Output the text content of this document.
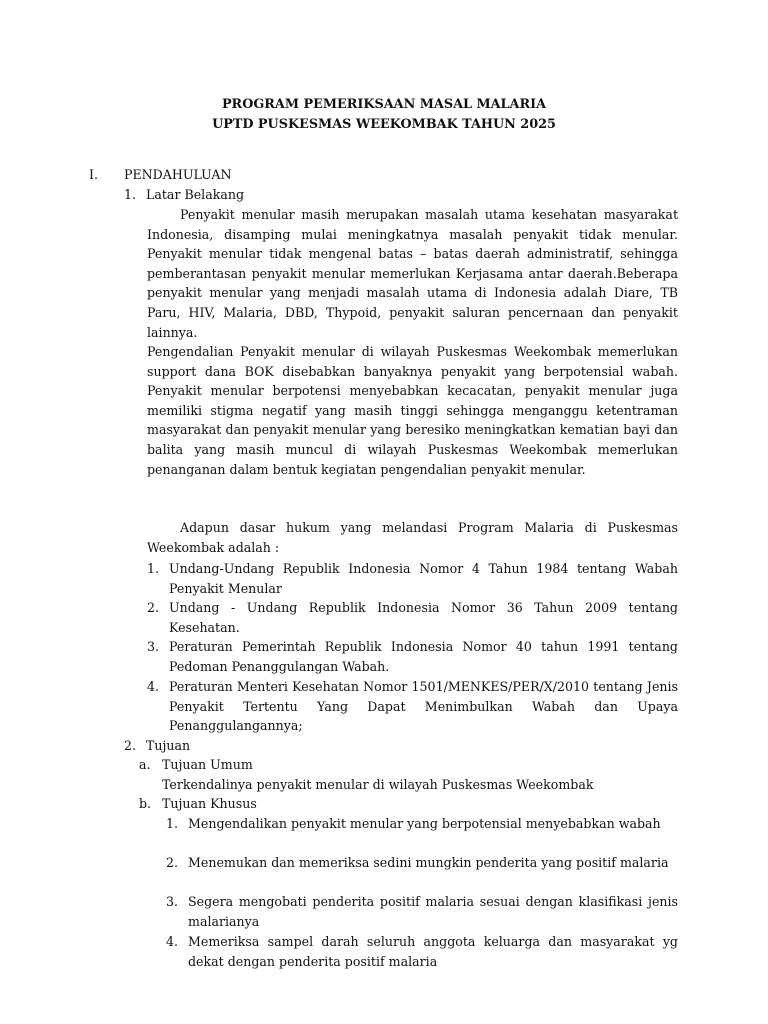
PROGRAM PEMERIKSAAN MASAL MALARIA
UPTD PUSKESMAS WEEKOMBAK TAHUN 2025
I. PENDAHULUAN
1. Latar Belakang
Penyakit menular masih merupakan masalah utama kesehatan masyarakat Indonesia, disamping mulai meningkatnya masalah penyakit tidak menular. Penyakit menular tidak mengenal batas – batas daerah administratif, sehingga pemberantasan penyakit menular memerlukan Kerjasama antar daerah.Beberapa penyakit menular yang menjadi masalah utama di Indonesia adalah Diare, TB Paru, HIV, Malaria, DBD, Thypoid, penyakit saluran pencernaan dan penyakit lainnya.
Pengendalian Penyakit menular di wilayah Puskesmas Weekombak memerlukan support dana BOK disebabkan banyaknya penyakit yang berpotensial wabah. Penyakit menular berpotensi menyebabkan kecacatan, penyakit menular juga memiliki stigma negatif yang masih tinggi sehingga menganggu ketentraman masyarakat dan penyakit menular yang beresiko meningkatkan kematian bayi dan balita yang masih muncul di wilayah Puskesmas Weekombak memerlukan penanganan dalam bentuk kegiatan pengendalian penyakit menular.
Adapun dasar hukum yang melandasi Program Malaria di Puskesmas Weekombak adalah :
1. Undang-Undang Republik Indonesia Nomor 4 Tahun 1984 tentang Wabah Penyakit Menular
2. Undang - Undang Republik Indonesia Nomor 36 Tahun 2009 tentang Kesehatan.
3. Peraturan Pemerintah Republik Indonesia Nomor 40 tahun 1991 tentang Pedoman Penanggulangan Wabah.
4. Peraturan Menteri Kesehatan Nomor 1501/MENKES/PER/X/2010 tentang Jenis Penyakit Tertentu Yang Dapat Menimbulkan Wabah dan Upaya Penanggulangannya;
2. Tujuan
a. Tujuan Umum
Terkendalinya penyakit menular di wilayah Puskesmas Weekombak
b. Tujuan Khusus
1. Mengendalikan penyakit menular yang berpotensial menyebabkan wabah
2. Menemukan dan memeriksa sedini mungkin penderita yang positif malaria
3. Segera mengobati penderita positif malaria sesuai dengan klasifikasi jenis malarianya
4. Memeriksa sampel darah seluruh anggota keluarga dan masyarakat yg dekat dengan penderita positif malaria
